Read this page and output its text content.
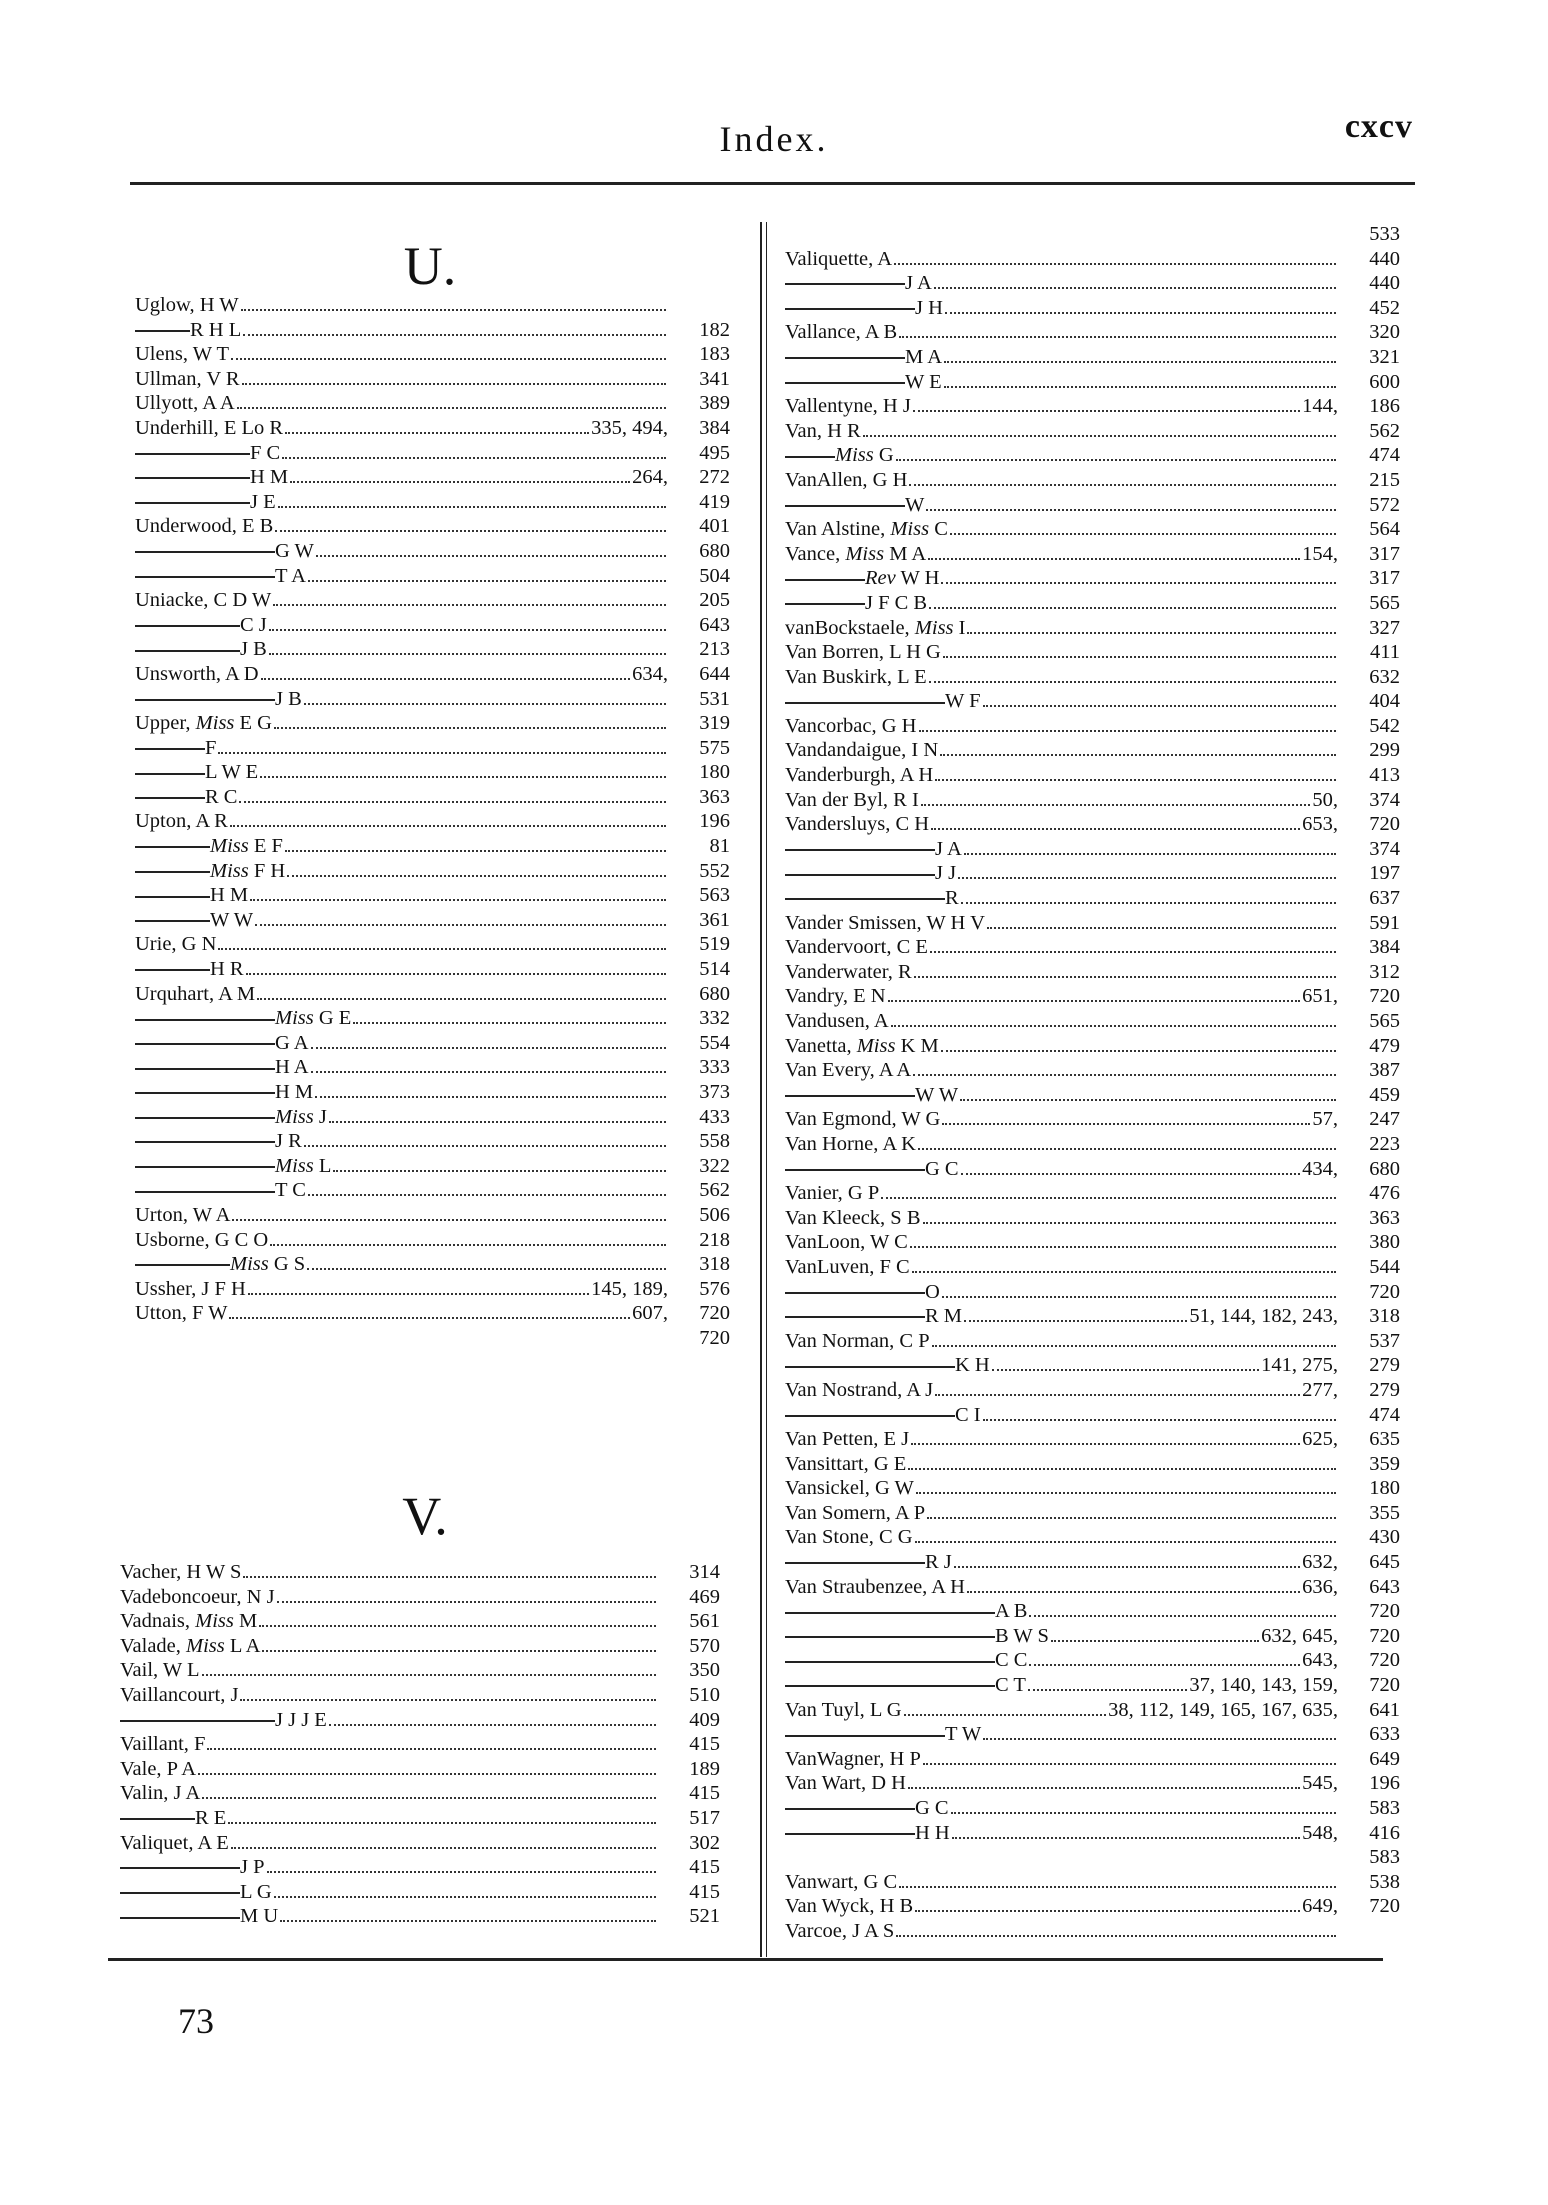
Index.	cxcv
U.
Uglow, H W
R H L	182
Ulens, W T	183
Ullman, V R	341
Ullyott, A A	389
Underhill, E Lo R	335, 494,	384
F C	495
H M	264,	272
J E	419
Underwood, E B	401
G W	680
T A	504
Uniacke, C D W	205
C J	643
J B	213
Unsworth, A D	634,	644
J B	531
Upper, Miss E G	319
F	575
L W E	180
R C	363
Upton, A R	196
Miss E F	81
Miss F H	552
H M	563
W W	361
Urie, G N	519
H R	514
Urquhart, A M	680
Miss G E	332
G A	554
H A	333
H M	373
Miss J	433
J R	558
Miss L	322
T C	562
Urton, W A	506
Usborne, G C O	218
Miss G S	318
Ussher, J F H	145, 189,	576
Utton, F W	607,	720
720
V.
Vacher, H W S	314
Vadeboncoeur, N J	469
Vadnais, Miss M	561
Valade, Miss L A	570
Vail, W L	350
Vaillancourt, J	510
J J J E	409
Vaillant, F	415
Vale, P A	189
Valin, J A	415
R E	517
Valiquet, A E	302
J P	415
L G	415
M U	521
533
Valiquette, A	440
J A	440
J H	452
Vallance, A B	320
M A	321
W E	600
Vallentyne, H J	144,	186
Van, H R	562
Miss G	474
VanAllen, G H	215
W	572
Van Alstine, Miss C	564
Vance, Miss M A	154,	317
Rev W H	317
J F C B	565
vanBockstaele, Miss I	327
Van Borren, L H G	411
Van Buskirk, L E	632
W F	404
Vancorbac, G H	542
Vandandaigue, I N	299
Vanderburgh, A H	413
Van der Byl, R I	50,	374
Vandersluys, C H	653,	720
J A	374
J J	197
R	637
Vander Smissen, W H V	591
Vandervoort, C E	384
Vanderwater, R	312
Vandry, E N	651,	720
Vandusen, A	565
Vanetta, Miss K M	479
Van Every, A A	387
W W	459
Van Egmond, W G	57,	247
Van Horne, A K	223
G C	434,	680
Vanier, G P	476
Van Kleeck, S B	363
VanLoon, W C	380
VanLuven, F C	544
O	720
R M	51, 144, 182, 243,	318
Van Norman, C P	537
K H	141, 275,	279
Van Nostrand, A J	277,	279
C I	474
Van Petten, E J	625,	635
Vansittart, G E	359
Vansickel, G W	180
Van Somern, A P	355
Van Stone, C G	430
R J	632,	645
Van Straubenzee, A H	636,	643
A B	720
B W S	632, 645,	720
C C	643,	720
C T	37, 140, 143, 159,	720
Van Tuyl, L G	38, 112, 149, 165, 167, 635,	641
T W	633
VanWagner, H P	649
Van Wart, D H	545,	196
G C	583
H H	548,	416
583
Vanwart, G C	538
Van Wyck, H B	649,	720
Varcoe, J A S
73
